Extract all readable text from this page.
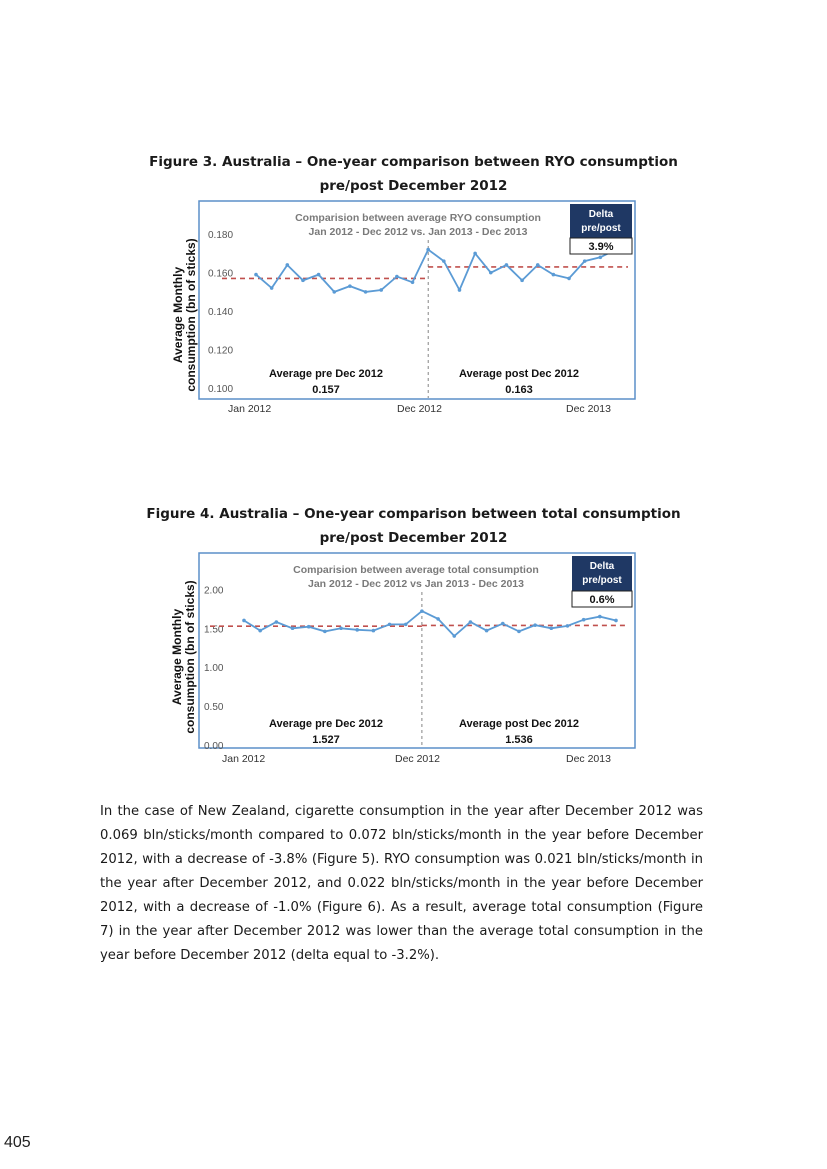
Figure 3. Australia – One-year comparison between RYO consumption
pre/post December 2012
Average Monthly consumption (bn of sticks)
Comparision between average RYO consumption
Jan 2012 - Dec 2012 vs. Jan 2013 - Dec 2013
0.100
0.120
0.140
0.160
0.180
Delta
pre/post
3.9%
Average pre Dec 2012
0.157
Average post Dec 2012
0.163
Jan 2012	Dec 2012	Dec 2013
Figure 4. Australia – One-year comparison between total consumption
pre/post December 2012
Average Monthly consumption (bn of sticks)
Comparision between average total consumption
Jan 2012 - Dec 2012 vs Jan 2013 - Dec 2013
0.00
0.50
1.00
1.50
2.00
Delta
pre/post
0.6%
Average pre Dec 2012
1.527
Average post Dec 2012
1.536
Jan 2012	Dec 2012	Dec 2013

In the case of New Zealand, cigarette consumption in the year after December 2012 was 0.069 bln/sticks/month compared to 0.072 bln/sticks/month in the year before December 2012, with a decrease of -3.8% (Figure 5). RYO consumption was 0.021 bln/sticks/month in the year after December 2012, and 0.022 bln/sticks/month in the year before December 2012, with a decrease of -1.0% (Figure 6). As a result, average total consumption (Figure 7) in the year after December 2012 was lower than the average total consumption in the year before December 2012 (delta equal to -3.2%).

405
